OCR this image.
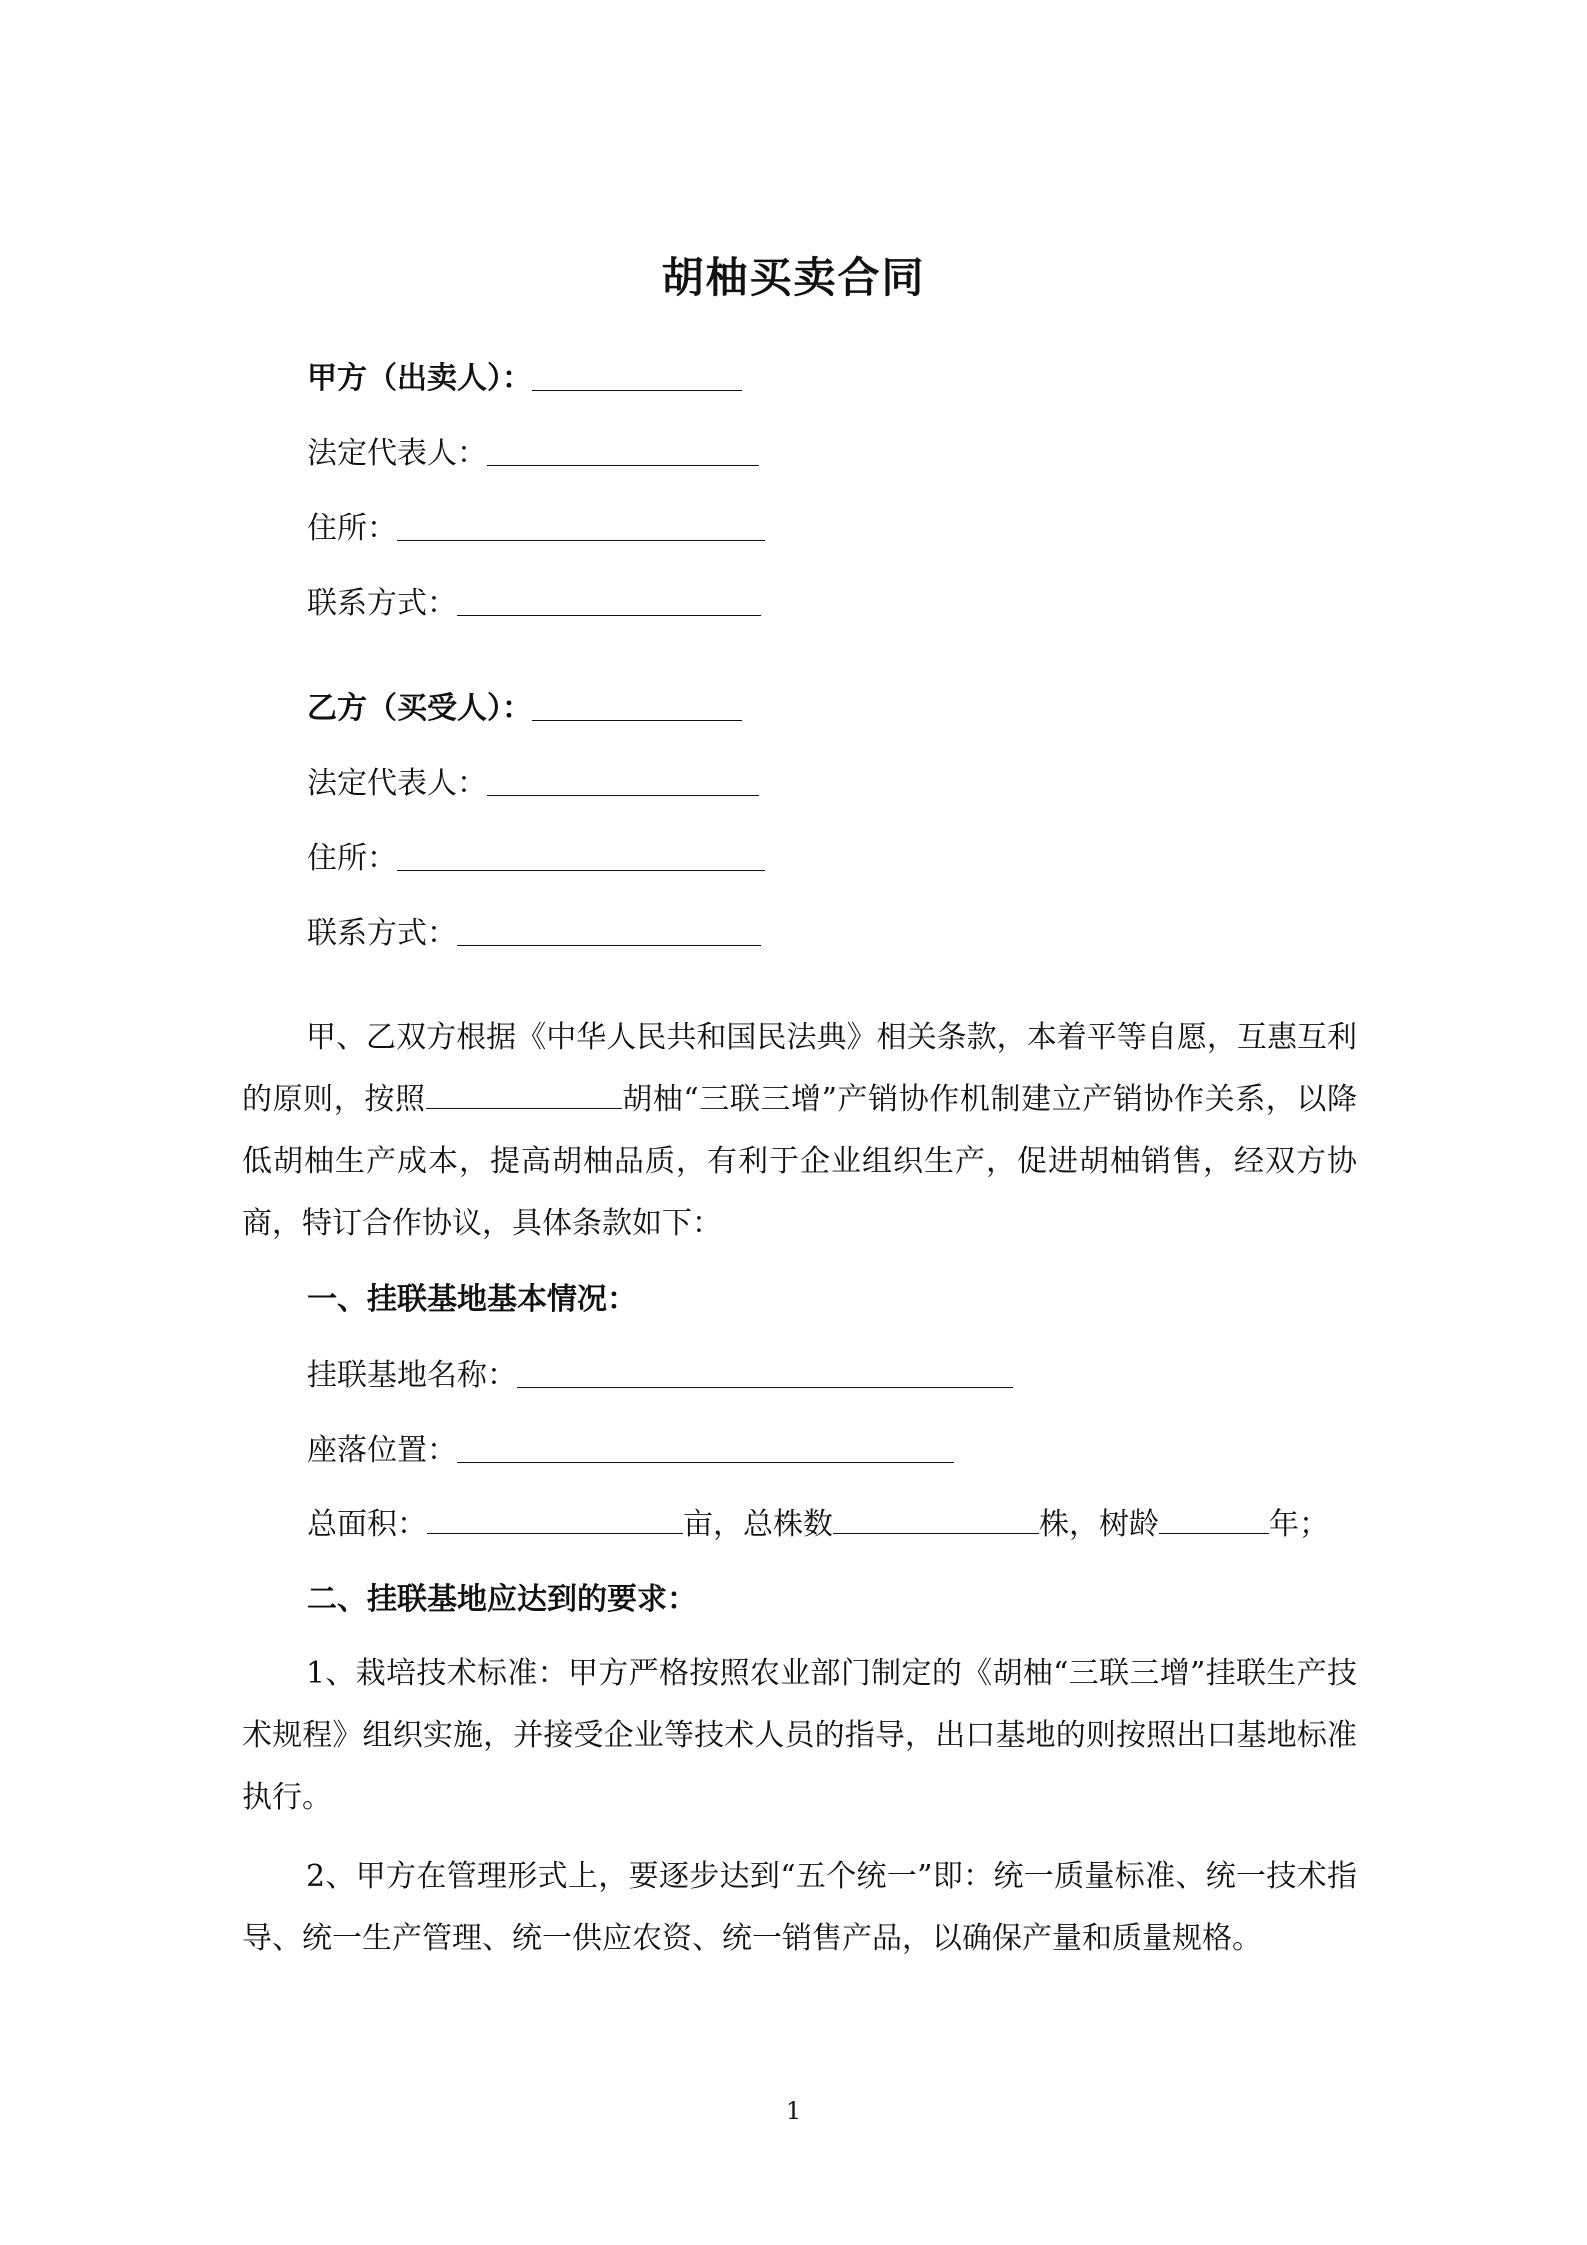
胡柚买卖合同
甲方（出卖人）：
法定代表人：
住所：
联系方式：
乙方（买受人）：
法定代表人：
住所：
联系方式：
甲、乙双方根据《中华人民共和国民法典》相关条款，本着平等自愿，互惠互利的原则，按照	胡柚“三联三增”产销协作机制建立产销协作关系，以降低胡柚生产成本，提高胡柚品质，有利于企业组织生产，促进胡柚销售，经双方协商，特订合作协议，具体条款如下：
一、挂联基地基本情况：
挂联基地名称：
座落位置：
总面积：	亩，总株数	株，树龄	年；
二、挂联基地应达到的要求：
1、栽培技术标准：甲方严格按照农业部门制定的《胡柚“三联三增”挂联生产技术规程》组织实施，并接受企业等技术人员的指导，出口基地的则按照出口基地标准执行。
2、甲方在管理形式上，要逐步达到“五个统一”即：统一质量标准、统一技术指导、统一生产管理、统一供应农资、统一销售产品，以确保产量和质量规格。
1
